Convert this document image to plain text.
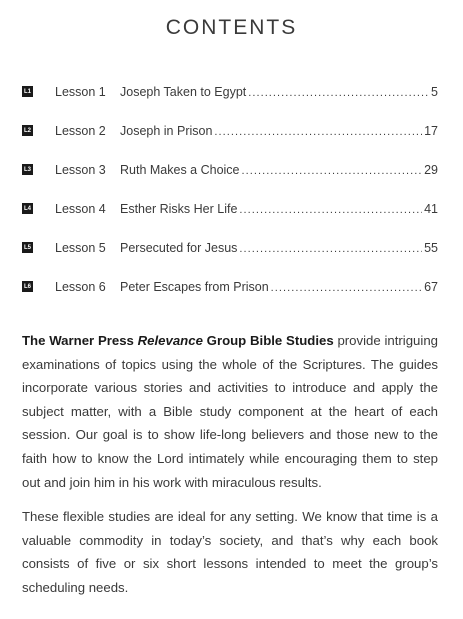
CONTENTS
L1 Lesson 1 Joseph Taken to Egypt . . .	5
L2 Lesson 2 Joseph in Prison . . .	17
L3 Lesson 3 Ruth Makes a Choice . . .	29
L4 Lesson 4 Esther Risks Her Life . . .	41
L5 Lesson 5 Persecuted for Jesus . . .	55
L6 Lesson 6 Peter Escapes from Prison . . .	67

The Warner Press Relevance Group Bible Studies provide intriguing examinations of topics using the whole of the Scriptures. The guides incorporate various stories and activities to introduce and apply the subject matter, with a Bible study component at the heart of each session. Our goal is to show life-long believers and those new to the faith how to know the Lord intimately while encouraging them to step out and join him in his work with miraculous results.

These flexible studies are ideal for any setting. We know that time is a valuable commodity in today’s society, and that’s why each book consists of five or six short lessons intended to meet the group’s scheduling needs.
